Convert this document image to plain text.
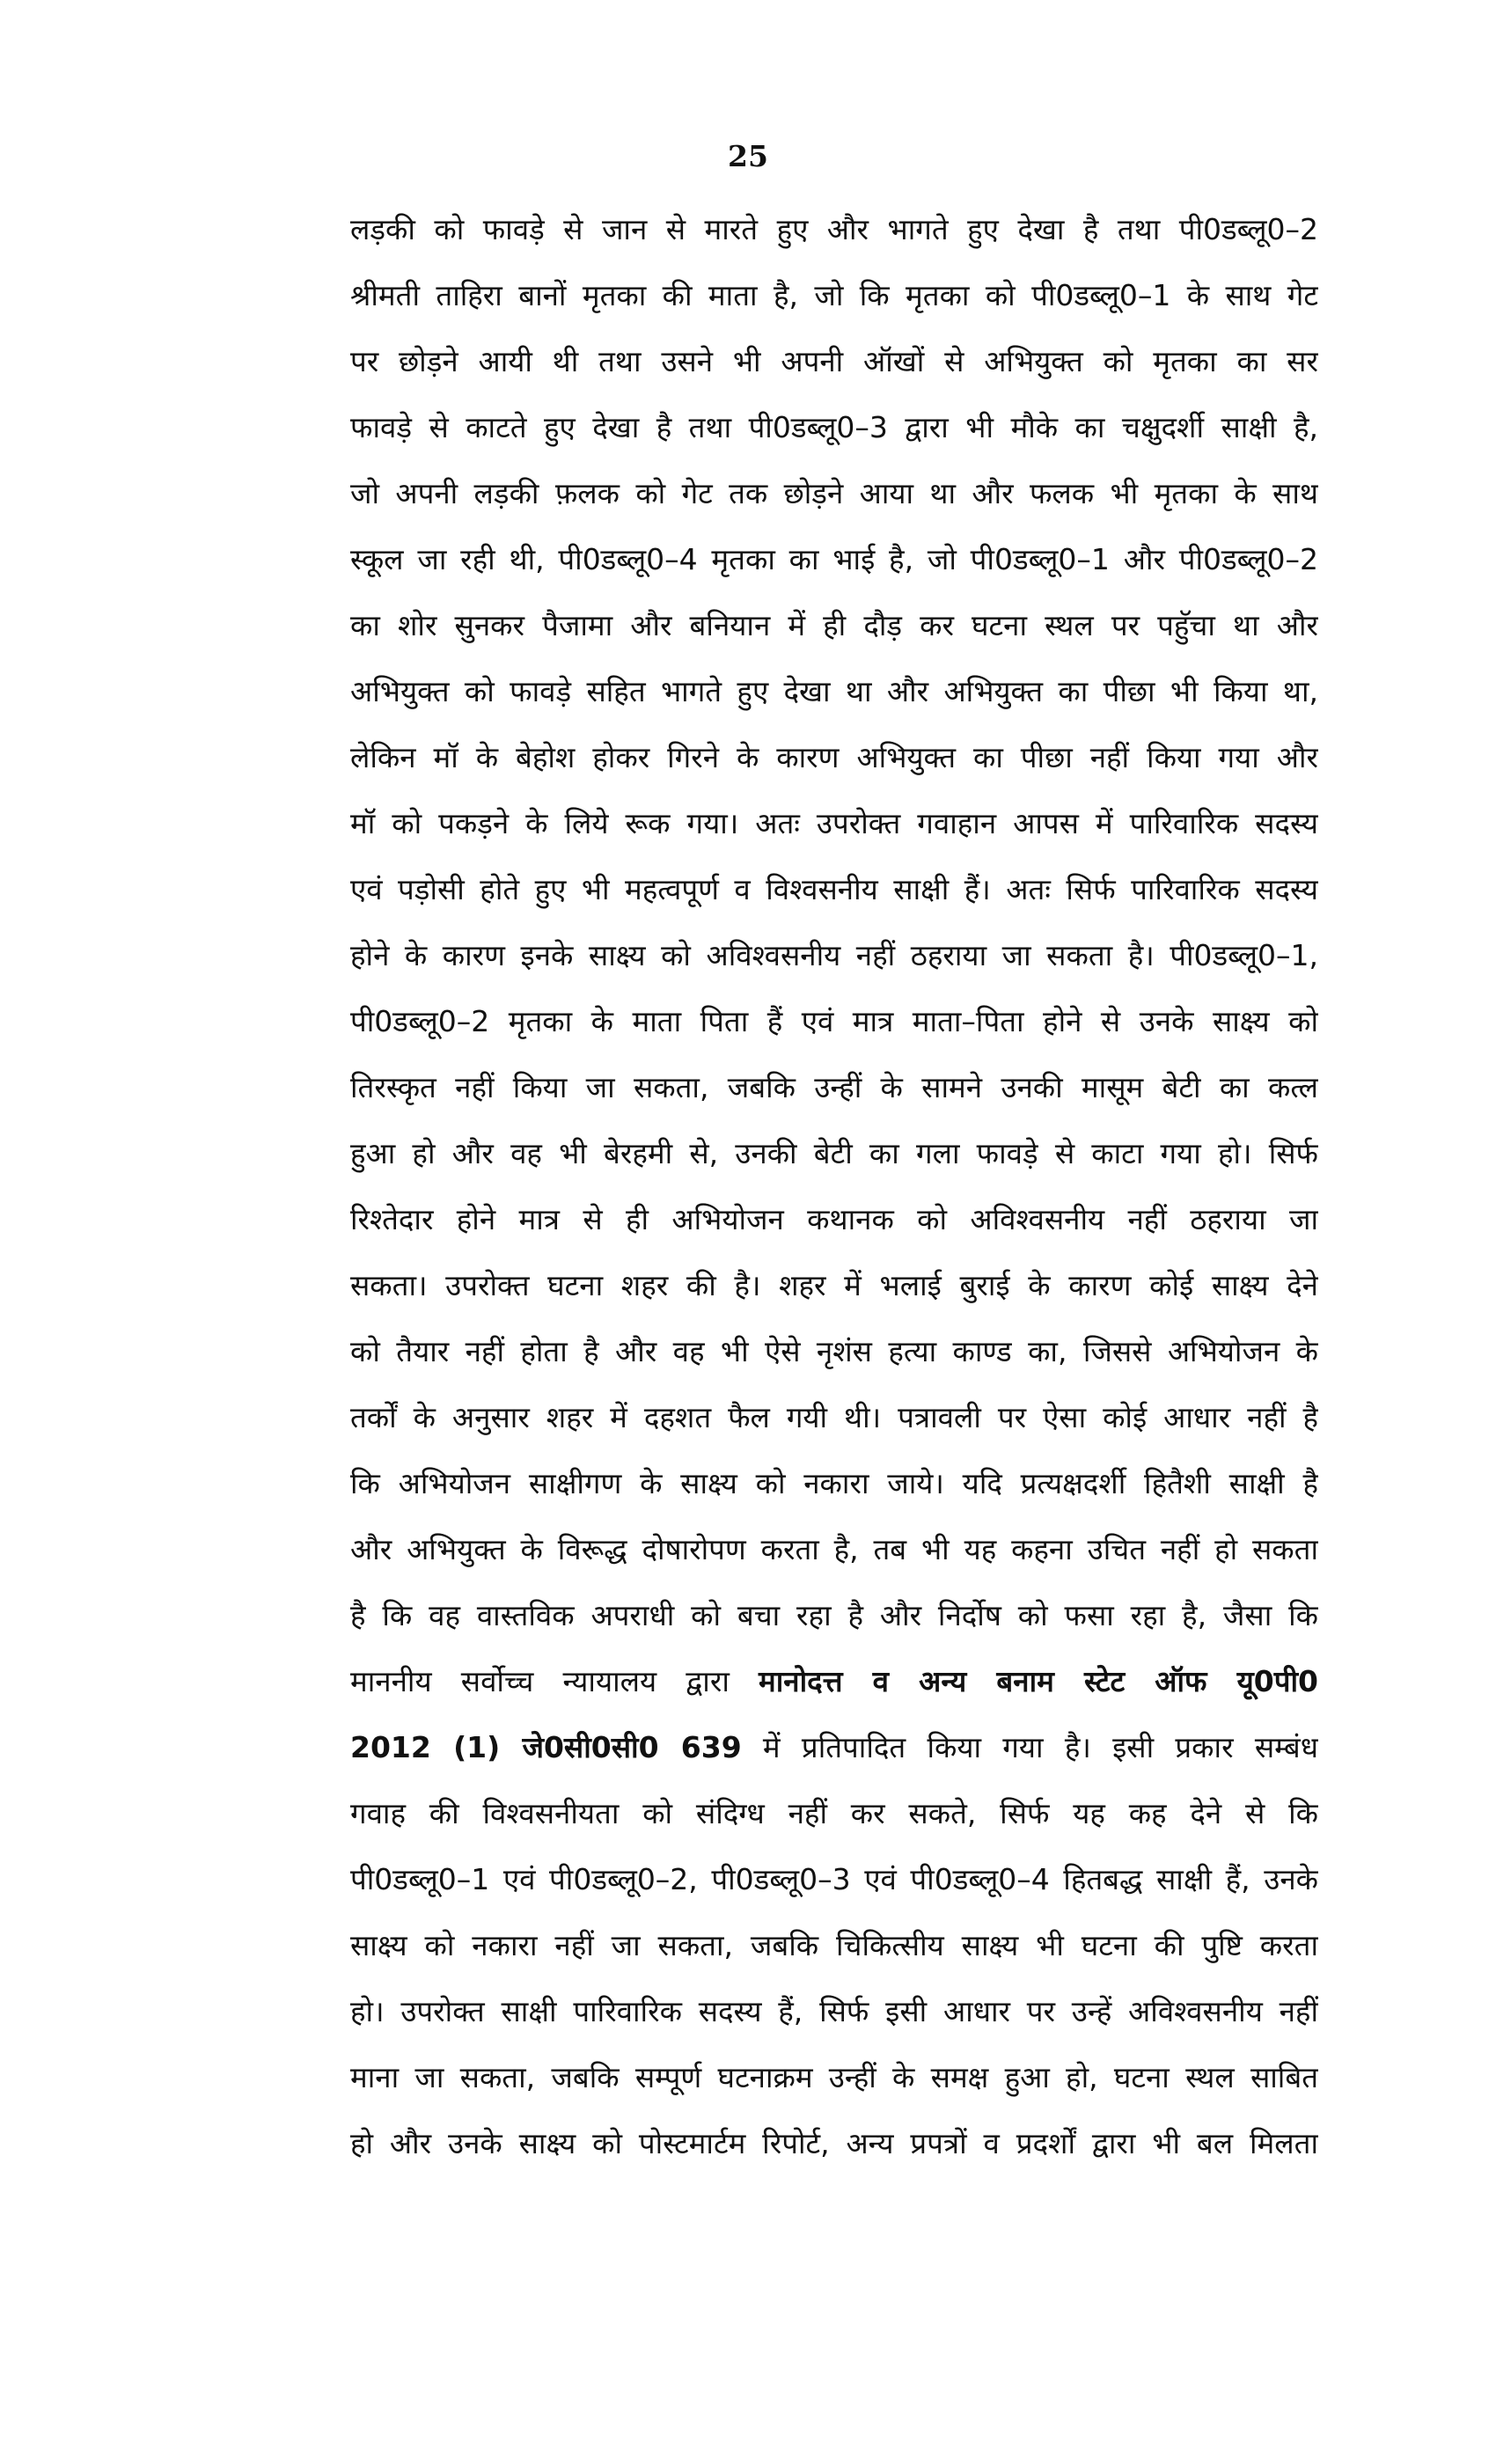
25
लड़की को फावड़े से जान से मारते हुए और भागते हुए देखा है तथा पी0डब्लू0–2
श्रीमती ताहिरा बानों मृतका की माता है, जो कि मृतका को पी0डब्लू0–1 के साथ गेट
पर छोड़ने आयी थी तथा उसने भी अपनी ऑखों से अभियुक्त को मृतका का सर
फावड़े से काटते हुए देखा है तथा पी0डब्लू0–3 द्वारा भी मौके का चक्षुदर्शी साक्षी है,
जो अपनी लड़की फ़लक को गेट तक छोड़ने आया था और फलक भी मृतका के साथ
स्कूल जा रही थी, पी0डब्लू0–4 मृतका का भाई है, जो पी0डब्लू0–1 और पी0डब्लू0–2
का शोर सुनकर पैजामा और बनियान में ही दौड़ कर घटना स्थल पर पहुॅचा था और
अभियुक्त को फावड़े सहित भागते हुए देखा था और अभियुक्त का पीछा भी किया था,
लेकिन मॉ के बेहोश होकर गिरने के कारण अभियुक्त का पीछा नहीं किया गया और
मॉ को पकड़ने के लिये रूक गया। अतः उपरोक्त गवाहान आपस में पारिवारिक सदस्य
एवं पड़ोसी होते हुए भी महत्वपूर्ण व विश्वसनीय साक्षी हैं। अतः सिर्फ पारिवारिक सदस्य
होने के कारण इनके साक्ष्य को अविश्वसनीय नहीं ठहराया जा सकता है। पी0डब्लू0–1,
पी0डब्लू0–2 मृतका के माता पिता हैं एवं मात्र माता–पिता होने से उनके साक्ष्य को
तिरस्कृत नहीं किया जा सकता, जबकि उन्हीं के सामने उनकी मासूम बेटी का कत्ल
हुआ हो और वह भी बेरहमी से, उनकी बेटी का गला फावड़े से काटा गया हो। सिर्फ
रिश्तेदार होने मात्र से ही अभियोजन कथानक को अविश्वसनीय नहीं ठहराया जा
सकता। उपरोक्त घटना शहर की है। शहर में भलाई बुराई के कारण कोई साक्ष्य देने
को तैयार नहीं होता है और वह भी ऐसे नृशंस हत्या काण्ड का, जिससे अभियोजन के
तर्कों के अनुसार शहर में दहशत फैल गयी थी। पत्रावली पर ऐसा कोई आधार नहीं है
कि अभियोजन साक्षीगण के साक्ष्य को नकारा जाये। यदि प्रत्यक्षदर्शी हितैशी साक्षी है
और अभियुक्त के विरूद्ध दोषारोपण करता है, तब भी यह कहना उचित नहीं हो सकता
है कि वह वास्तविक अपराधी को बचा रहा है और निर्दोष को फसा रहा है, जैसा कि
माननीय सर्वोच्च न्यायालय द्वारा मानोदत्त व अन्य बनाम स्टेट ऑफ यू0पी0
2012 (1) जे0सी0सी0 639 में प्रतिपादित किया गया है। इसी प्रकार सम्बंध
गवाह की विश्वसनीयता को संदिग्ध नहीं कर सकते, सिर्फ यह कह देने से कि
पी0डब्लू0–1 एवं पी0डब्लू0–2, पी0डब्लू0–3 एवं पी0डब्लू0–4 हितबद्ध साक्षी हैं, उनके
साक्ष्य को नकारा नहीं जा सकता, जबकि चिकित्सीय साक्ष्य भी घटना की पुष्टि करता
हो। उपरोक्त साक्षी पारिवारिक सदस्य हैं, सिर्फ इसी आधार पर उन्हें अविश्वसनीय नहीं
माना जा सकता, जबकि सम्पूर्ण घटनाक्रम उन्हीं के समक्ष हुआ हो, घटना स्थल साबित
हो और उनके साक्ष्य को पोस्टमार्टम रिपोर्ट, अन्य प्रपत्रों व प्रदर्शों द्वारा भी बल मिलता
